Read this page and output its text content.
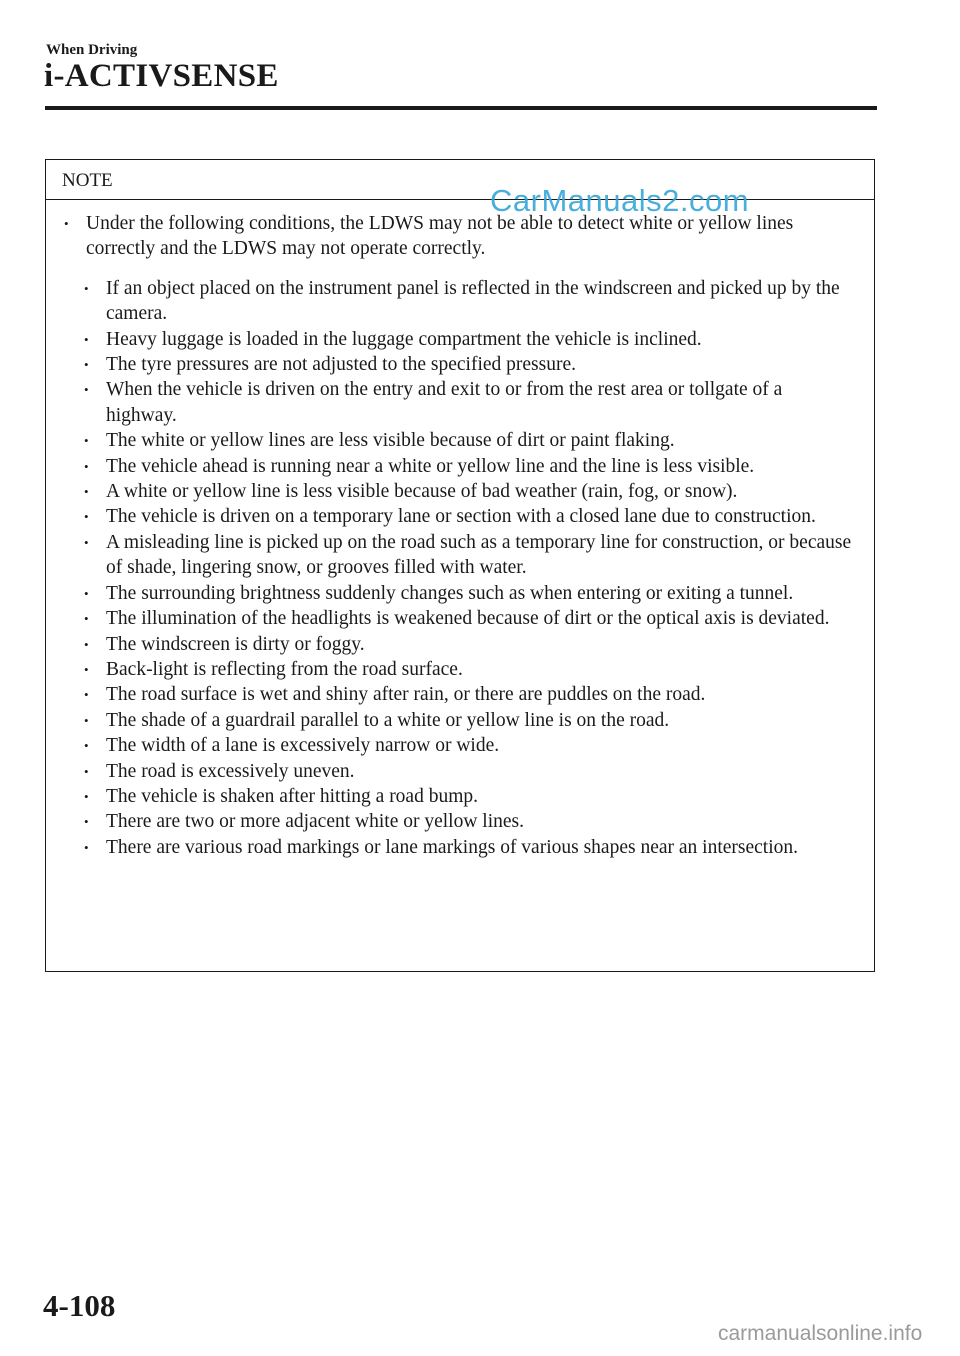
When Driving
i-ACTIVSENSE
NOTE
• Under the following conditions, the LDWS may not be able to detect white or yellow lines correctly and the LDWS may not operate correctly.
• If an object placed on the instrument panel is reflected in the windscreen and picked up by the camera.
• Heavy luggage is loaded in the luggage compartment the vehicle is inclined.
• The tyre pressures are not adjusted to the specified pressure.
• When the vehicle is driven on the entry and exit to or from the rest area or tollgate of a highway.
• The white or yellow lines are less visible because of dirt or paint flaking.
• The vehicle ahead is running near a white or yellow line and the line is less visible.
• A white or yellow line is less visible because of bad weather (rain, fog, or snow).
• The vehicle is driven on a temporary lane or section with a closed lane due to construction.
• A misleading line is picked up on the road such as a temporary line for construction, or because of shade, lingering snow, or grooves filled with water.
• The surrounding brightness suddenly changes such as when entering or exiting a tunnel.
• The illumination of the headlights is weakened because of dirt or the optical axis is deviated.
• The windscreen is dirty or foggy.
• Back-light is reflecting from the road surface.
• The road surface is wet and shiny after rain, or there are puddles on the road.
• The shade of a guardrail parallel to a white or yellow line is on the road.
• The width of a lane is excessively narrow or wide.
• The road is excessively uneven.
• The vehicle is shaken after hitting a road bump.
• There are two or more adjacent white or yellow lines.
• There are various road markings or lane markings of various shapes near an intersection.
CarManuals2.com
4-108
carmanualsonline.info
